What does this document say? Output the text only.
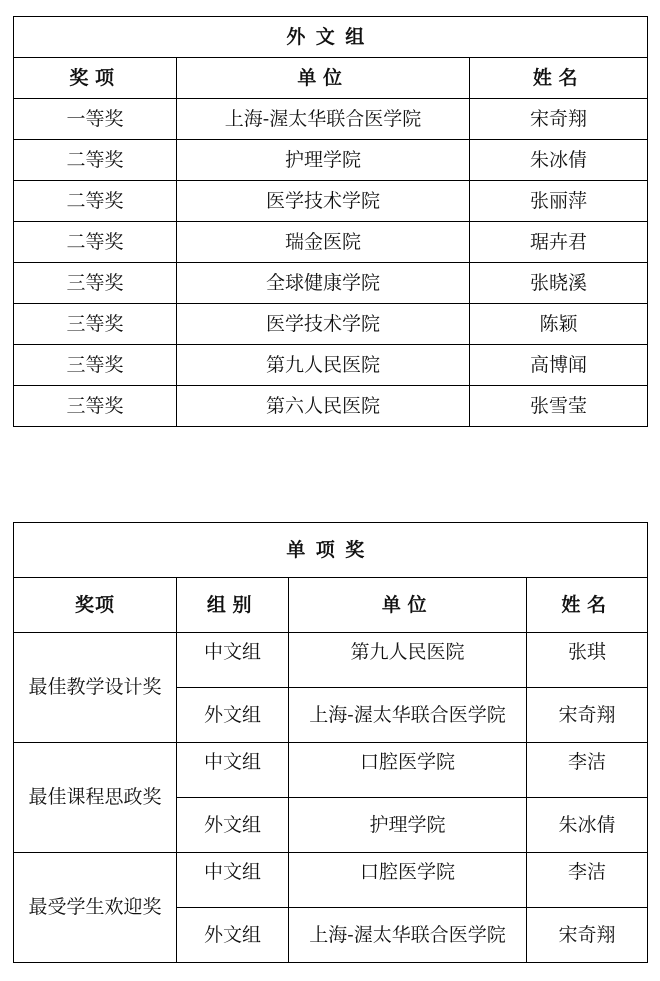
外文组		
奖项	单位	姓名
一等奖	上海-渥太华联合医学院	宋奇翔
二等奖	护理学院	朱冰倩
二等奖	医学技术学院	张丽萍
二等奖	瑞金医院	琚卉君
三等奖	全球健康学院	张晓溪
三等奖	医学技术学院	陈颖
三等奖	第九人民医院	高博闻
三等奖	第六人民医院	张雪莹
单项奖			
奖项	组别	单位	姓名
最佳教学设计奖	中文组	第九人民医院	张琪
	外文组	上海-渥太华联合医学院	宋奇翔
最佳课程思政奖	中文组	口腔医学院	李洁
	外文组	护理学院	朱冰倩
最受学生欢迎奖	中文组	口腔医学院	李洁
	外文组	上海-渥太华联合医学院	宋奇翔
